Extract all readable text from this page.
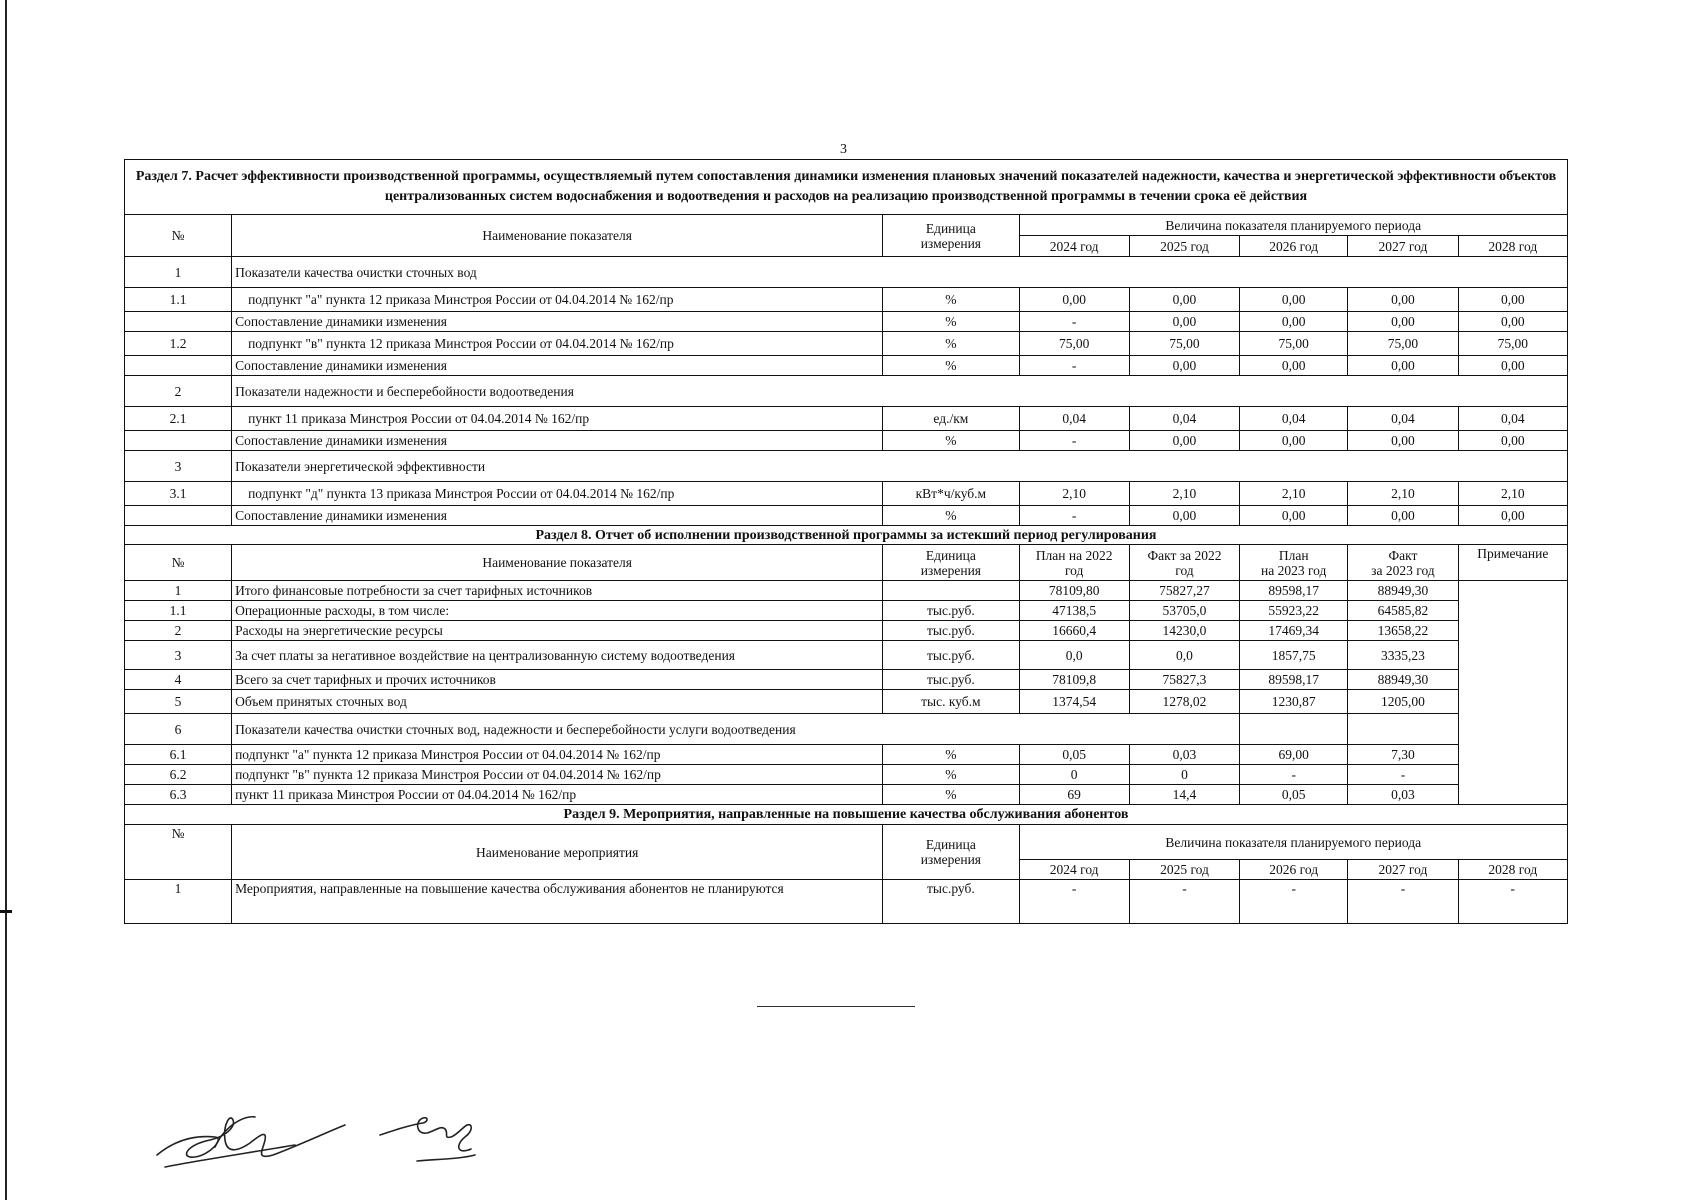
3
Раздел 7. Расчет эффективности производственной программы, осуществляемый путем сопоставления динамики изменения плановых значений показателей надежности, качества и энергетической эффективности объектов централизованных систем водоснабжения и водоотведения и расходов на реализацию производственной программы в течении срока её действия							
№	Наименование показателя	Единица
измерения	Величина показателя планируемого периода				
			2024 год	2025 год	2026 год	2027 год	2028 год
1	Показатели качества очистки сточных вод						
1.1	подпункт "а" пункта 12 приказа Минстроя России от 04.04.2014 № 162/пр	%	0,00	0,00	0,00	0,00	0,00
	Сопоставление динамики изменения	%	-	0,00	0,00	0,00	0,00
1.2	подпункт "в" пункта 12 приказа Минстроя России от 04.04.2014 № 162/пр	%	75,00	75,00	75,00	75,00	75,00
	Сопоставление динамики изменения	%	-	0,00	0,00	0,00	0,00
2	Показатели надежности и бесперебойности водоотведения						
2.1	пункт 11 приказа Минстроя России от 04.04.2014 № 162/пр	ед./км	0,04	0,04	0,04	0,04	0,04
	Сопоставление динамики изменения	%	-	0,00	0,00	0,00	0,00
3	Показатели энергетической эффективности						
3.1	подпункт "д" пункта 13 приказа Минстроя России от 04.04.2014 № 162/пр	кВт*ч/куб.м	2,10	2,10	2,10	2,10	2,10
	Сопоставление динамики изменения	%	-	0,00	0,00	0,00	0,00
Раздел 8. Отчет об исполнении производственной программы за истекший период регулирования							
№	Наименование показателя	Единица
измерения	План на 2022
год	Факт за 2022
год	План
на 2023 год	Факт
за 2023 год	Примечание
1	Итого финансовые потребности за счет тарифных источников		78109,80	75827,27	89598,17	88949,30	
1.1	Операционные расходы, в том числе:	тыс.руб.	47138,5	53705,0	55923,22	64585,82	
2	Расходы на энергетические ресурсы	тыс.руб.	16660,4	14230,0	17469,34	13658,22	
3	За счет платы за негативное воздействие на централизованную систему водоотведения	тыс.руб.	0,0	0,0	1857,75	3335,23	
4	Всего за счет тарифных и прочих источников	тыс.руб.	78109,8	75827,3	89598,17	88949,30	
5	Объем принятых сточных вод	тыс. куб.м	1374,54	1278,02	1230,87	1205,00	
6	Показатели качества очистки сточных вод, надежности и бесперебойности услуги водоотведения						
6.1	подпункт "а" пункта 12 приказа Минстроя России от 04.04.2014 № 162/пр	%	0,05	0,03	69,00	7,30	
6.2	подпункт "в" пункта 12 приказа Минстроя России от 04.04.2014 № 162/пр	%	0	0	-	-	
6.3	пункт 11 приказа Минстроя России от 04.04.2014 № 162/пр	%	69	14,4	0,05	0,03	
Раздел 9. Мероприятия, направленные на повышение качества обслуживания абонентов							
№	Наименование мероприятия	Единица
измерения	Величина показателя планируемого периода				
			2024 год	2025 год	2026 год	2027 год	2028 год
1	Мероприятия, направленные на повышение качества обслуживания абонентов не планируются	тыс.руб.	-	-	-	-	-
